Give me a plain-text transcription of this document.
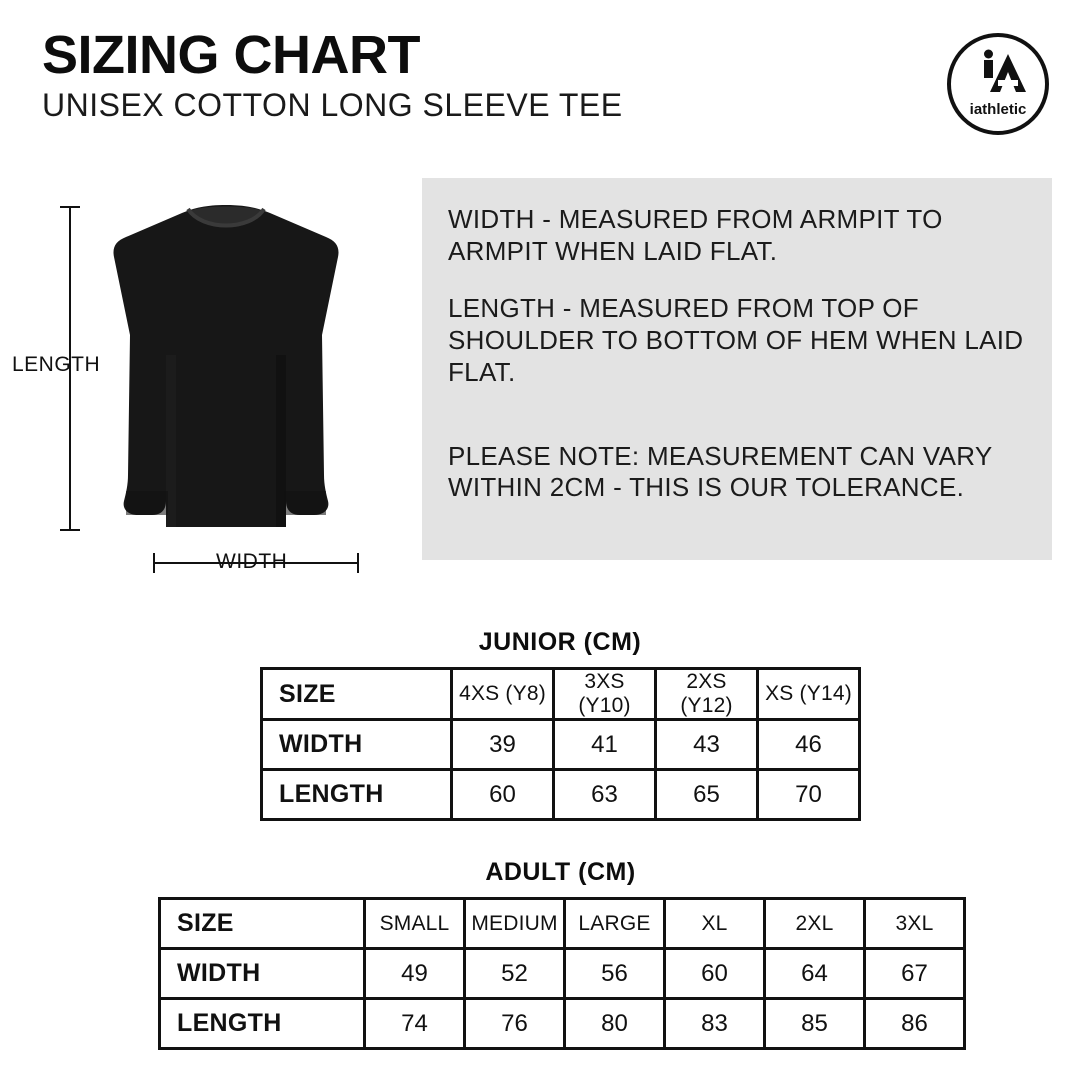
SIZING CHART
UNISEX COTTON LONG SLEEVE TEE	iathletic
LENGTH
WIDTH

WIDTH - MEASURED FROM ARMPIT TO ARMPIT WHEN LAID FLAT.

LENGTH - MEASURED FROM TOP OF SHOULDER TO BOTTOM OF HEM WHEN LAID FLAT.

PLEASE NOTE: MEASUREMENT CAN VARY WITHIN 2CM - THIS IS OUR TOLERANCE.

JUNIOR (CM)
SIZE	4XS (Y8)	3XS (Y10)	2XS (Y12)	XS (Y14)
WIDTH	39	41	43	46
LENGTH	60	63	65	70
ADULT (CM)
SIZE	SMALL	MEDIUM	LARGE	XL	2XL	3XL
WIDTH	49	52	56	60	64	67
LENGTH	74	76	80	83	85	86
